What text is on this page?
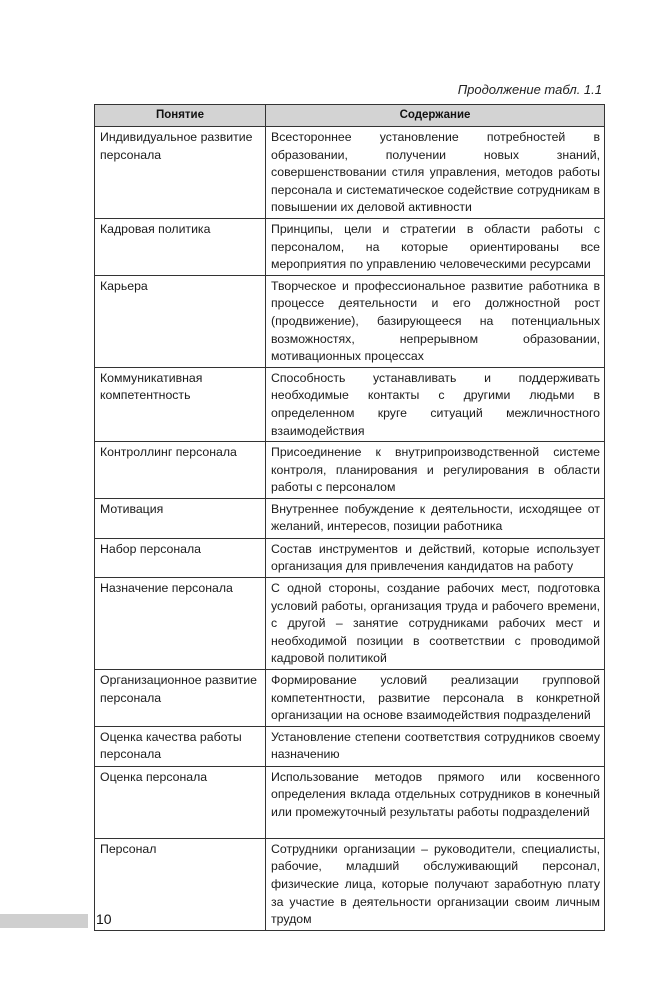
Продолжение табл. 1.1
Понятие	Содержание
Индивидуальное развитие персонала	Всестороннее установление потребностей в образовании, получении новых знаний, совершенствовании стиля управления, методов работы персонала и систематическое содействие сотрудникам в повышении их деловой активности
Кадровая политика	Принципы, цели и стратегии в области работы с персоналом, на которые ориентированы все мероприятия по управлению человеческими ресурсами
Карьера	Творческое и профессиональное развитие работника в процессе деятельности и его должностной рост (продвижение), базирующееся на потенциальных возможностях, непрерывном образовании, мотивационных процессах
Коммуникативная компетентность	Способность устанавливать и поддерживать необходимые контакты с другими людьми в определенном круге ситуаций межличностного взаимодействия
Контроллинг персонала	Присоединение к внутрипроизводственной системе контроля, планирования и регулирования в области работы с персоналом
Мотивация	Внутреннее побуждение к деятельности, исходящее от желаний, интересов, позиции работника
Набор персонала	Состав инструментов и действий, которые использует организация для привлечения кандидатов на работу
Назначение персонала	С одной стороны, создание рабочих мест, подготовка условий работы, организация труда и рабочего времени, с другой – занятие сотрудниками рабочих мест и необходимой позиции в соответствии с проводимой кадровой политикой
Организационное развитие персонала	Формирование условий реализации групповой компетентности, развитие персонала в конкретной организации на основе взаимодействия подразделений
Оценка качества работы персонала	Установление степени соответствия сотрудников своему назначению
Оценка персонала	Использование методов прямого или косвенного определения вклада отдельных сотрудников в конечный или промежуточный результаты работы подразделений
Персонал	Сотрудники организации – руководители, специалисты, рабочие, младший обслуживающий персонал, физические лица, которые получают заработную плату за участие в деятельности организации своим личным трудом
10
